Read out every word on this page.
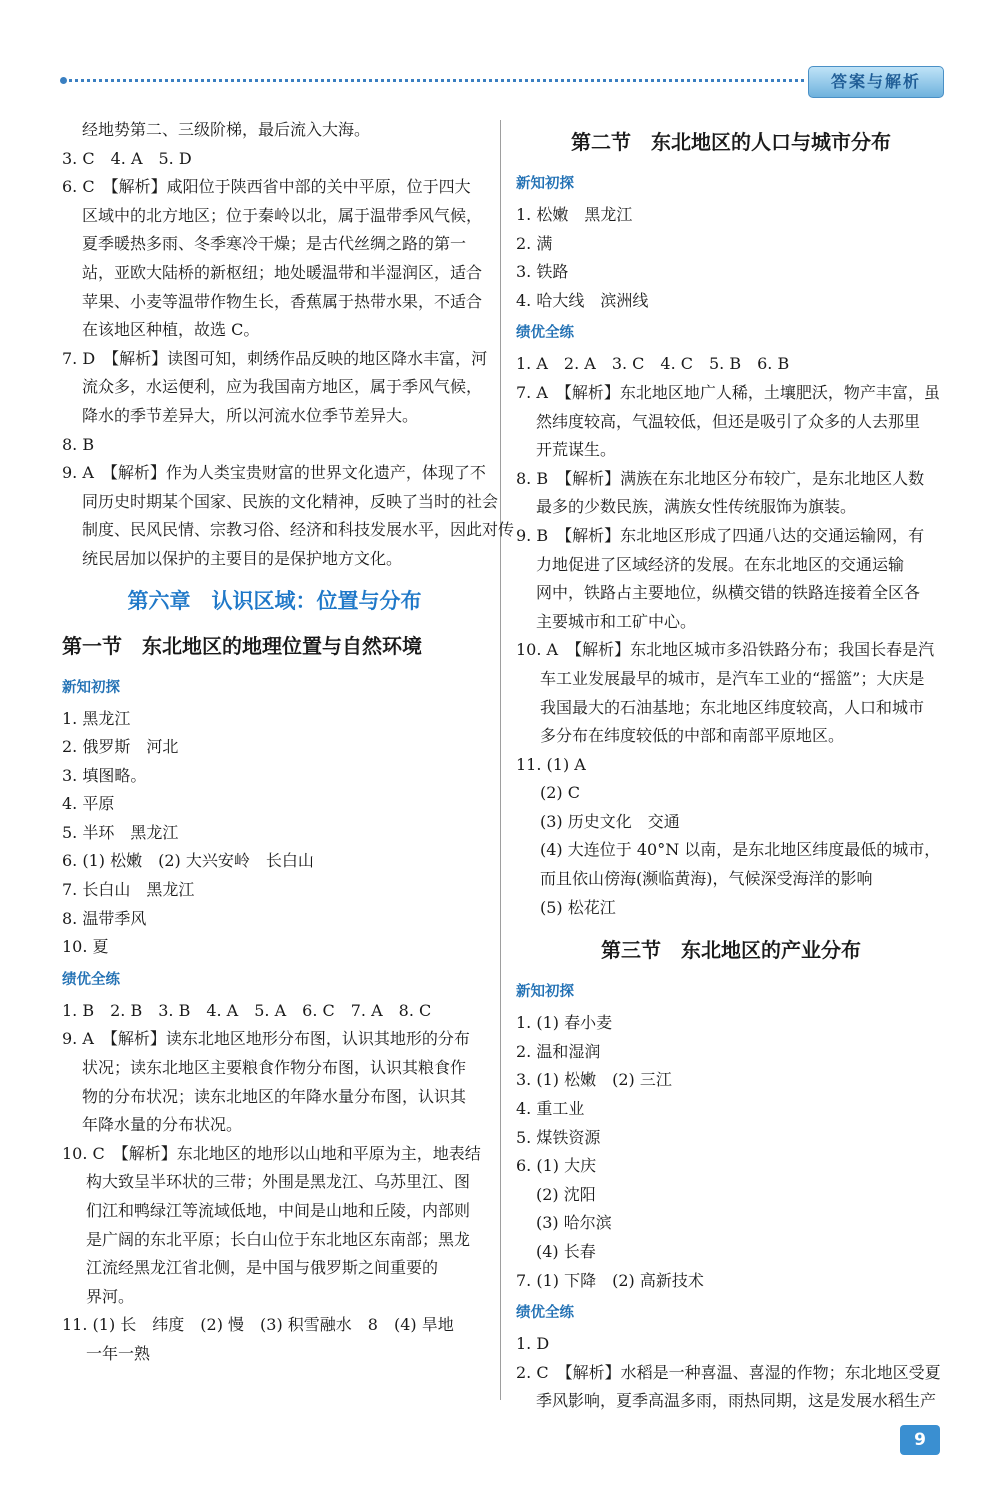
答案与解析

经地势第二、三级阶梯，最后流入大海。

3. C　4. A　5. D

6. C　【解析】咸阳位于陕西省中部的关中平原，位于四大

区域中的北方地区；位于秦岭以北，属于温带季风气候，

夏季暖热多雨、冬季寒冷干燥；是古代丝绸之路的第一

站，亚欧大陆桥的新枢纽；地处暖温带和半湿润区，适合

苹果、小麦等温带作物生长，香蕉属于热带水果，不适合

在该地区种植，故选 C。

7. D　【解析】读图可知，刺绣作品反映的地区降水丰富，河

流众多，水运便利，应为我国南方地区，属于季风气候，

降水的季节差异大，所以河流水位季节差异大。

8. B

9. A　【解析】作为人类宝贵财富的世界文化遗产，体现了不

同历史时期某个国家、民族的文化精神，反映了当时的社会

制度、民风民情、宗教习俗、经济和科技发展水平，因此对传

统民居加以保护的主要目的是保护地方文化。

第六章　认识区域：位置与分布
第一节　东北地区的地理位置与自然环境
新知初探

1. 黑龙江

2. 俄罗斯　河北

3. 填图略。

4. 平原

5. 半环　黑龙江

6. (1) 松嫩　(2) 大兴安岭　长白山

7. 长白山　黑龙江

8. 温带季风

10. 夏

绩优全练

1. B　2. B　3. B　4. A　5. A　6. C　7. A　8. C

9. A　【解析】读东北地区地形分布图，认识其地形的分布

状况；读东北地区主要粮食作物分布图，认识其粮食作

物的分布状况；读东北地区的年降水量分布图，认识其

年降水量的分布状况。

10. C　【解析】东北地区的地形以山地和平原为主，地表结

构大致呈半环状的三带；外围是黑龙江、乌苏里江、图

们江和鸭绿江等流域低地，中间是山地和丘陵，内部则

是广阔的东北平原；长白山位于东北地区东南部；黑龙

江流经黑龙江省北侧，是中国与俄罗斯之间重要的

界河。

11. (1) 长　纬度　(2) 慢　(3) 积雪融水　8　(4) 旱地

一年一熟

第二节　东北地区的人口与城市分布
新知初探

1. 松嫩　黑龙江

2. 满

3. 铁路

4. 哈大线　滨洲线

绩优全练

1. A　2. A　3. C　4. C　5. B　6. B

7. A　【解析】东北地区地广人稀，土壤肥沃，物产丰富，虽

然纬度较高，气温较低，但还是吸引了众多的人去那里

开荒谋生。

8. B　【解析】满族在东北地区分布较广，是东北地区人数

最多的少数民族，满族女性传统服饰为旗装。

9. B　【解析】东北地区形成了四通八达的交通运输网，有

力地促进了区域经济的发展。在东北地区的交通运输

网中，铁路占主要地位，纵横交错的铁路连接着全区各

主要城市和工矿中心。

10. A　【解析】东北地区城市多沿铁路分布；我国长春是汽

车工业发展最早的城市，是汽车工业的“摇篮”；大庆是

我国最大的石油基地；东北地区纬度较高，人口和城市

多分布在纬度较低的中部和南部平原地区。

11. (1) A

(2) C

(3) 历史文化　交通

(4) 大连位于 40°N 以南，是东北地区纬度最低的城市，

而且依山傍海(濒临黄海)，气候深受海洋的影响

(5) 松花江

第三节　东北地区的产业分布
新知初探

1. (1) 春小麦

2. 温和湿润

3. (1) 松嫩　(2) 三江

4. 重工业

5. 煤铁资源

6. (1) 大庆

(2) 沈阳

(3) 哈尔滨

(4) 长春

7. (1) 下降　(2) 高新技术

绩优全练

1. D

2. C　【解析】水稻是一种喜温、喜湿的作物；东北地区受夏

季风影响，夏季高温多雨，雨热同期，这是发展水稻生产

9
